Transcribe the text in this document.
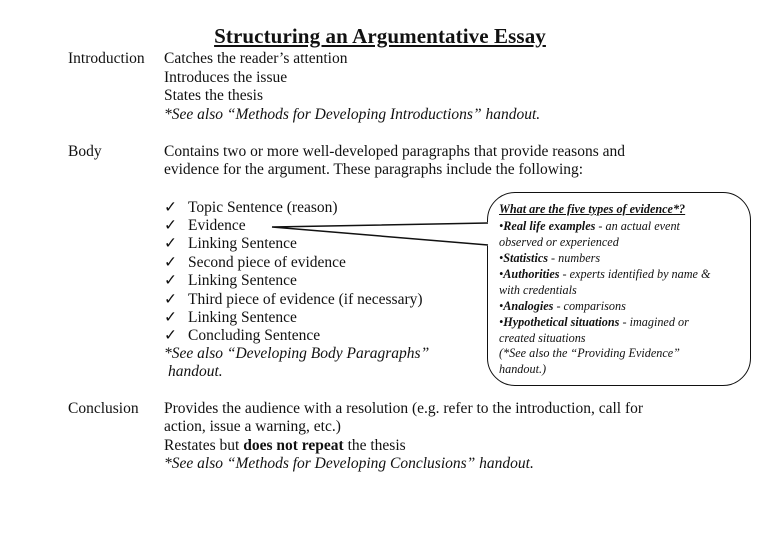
Structuring an Argumentative Essay
Introduction Catches the reader’s attention
Introduces the issue
States the thesis
*See also “Methods for Developing Introductions” handout.
Body	Contains two or more well-developed paragraphs that provide reasons and
evidence for the argument. These paragraphs include the following:
✓ Topic Sentence (reason)
✓ Evidence
✓ Linking Sentence
✓ Second piece of evidence
✓ Linking Sentence
✓ Third piece of evidence (if necessary)
✓ Linking Sentence
✓ Concluding Sentence
*See also “Developing Body Paragraphs”
handout.
What are the five types of evidence*?
•Real life examples - an actual event
observed or experienced
•Statistics - numbers
•Authorities - experts identified by name &
with credentials
•Analogies - comparisons
•Hypothetical situations - imagined or
created situations
(*See also the “Providing Evidence”
handout.)
Conclusion Provides the audience with a resolution (e.g. refer to the introduction, call for
action, issue a warning, etc.)
Restates but does not repeat the thesis
*See also “Methods for Developing Conclusions” handout.
